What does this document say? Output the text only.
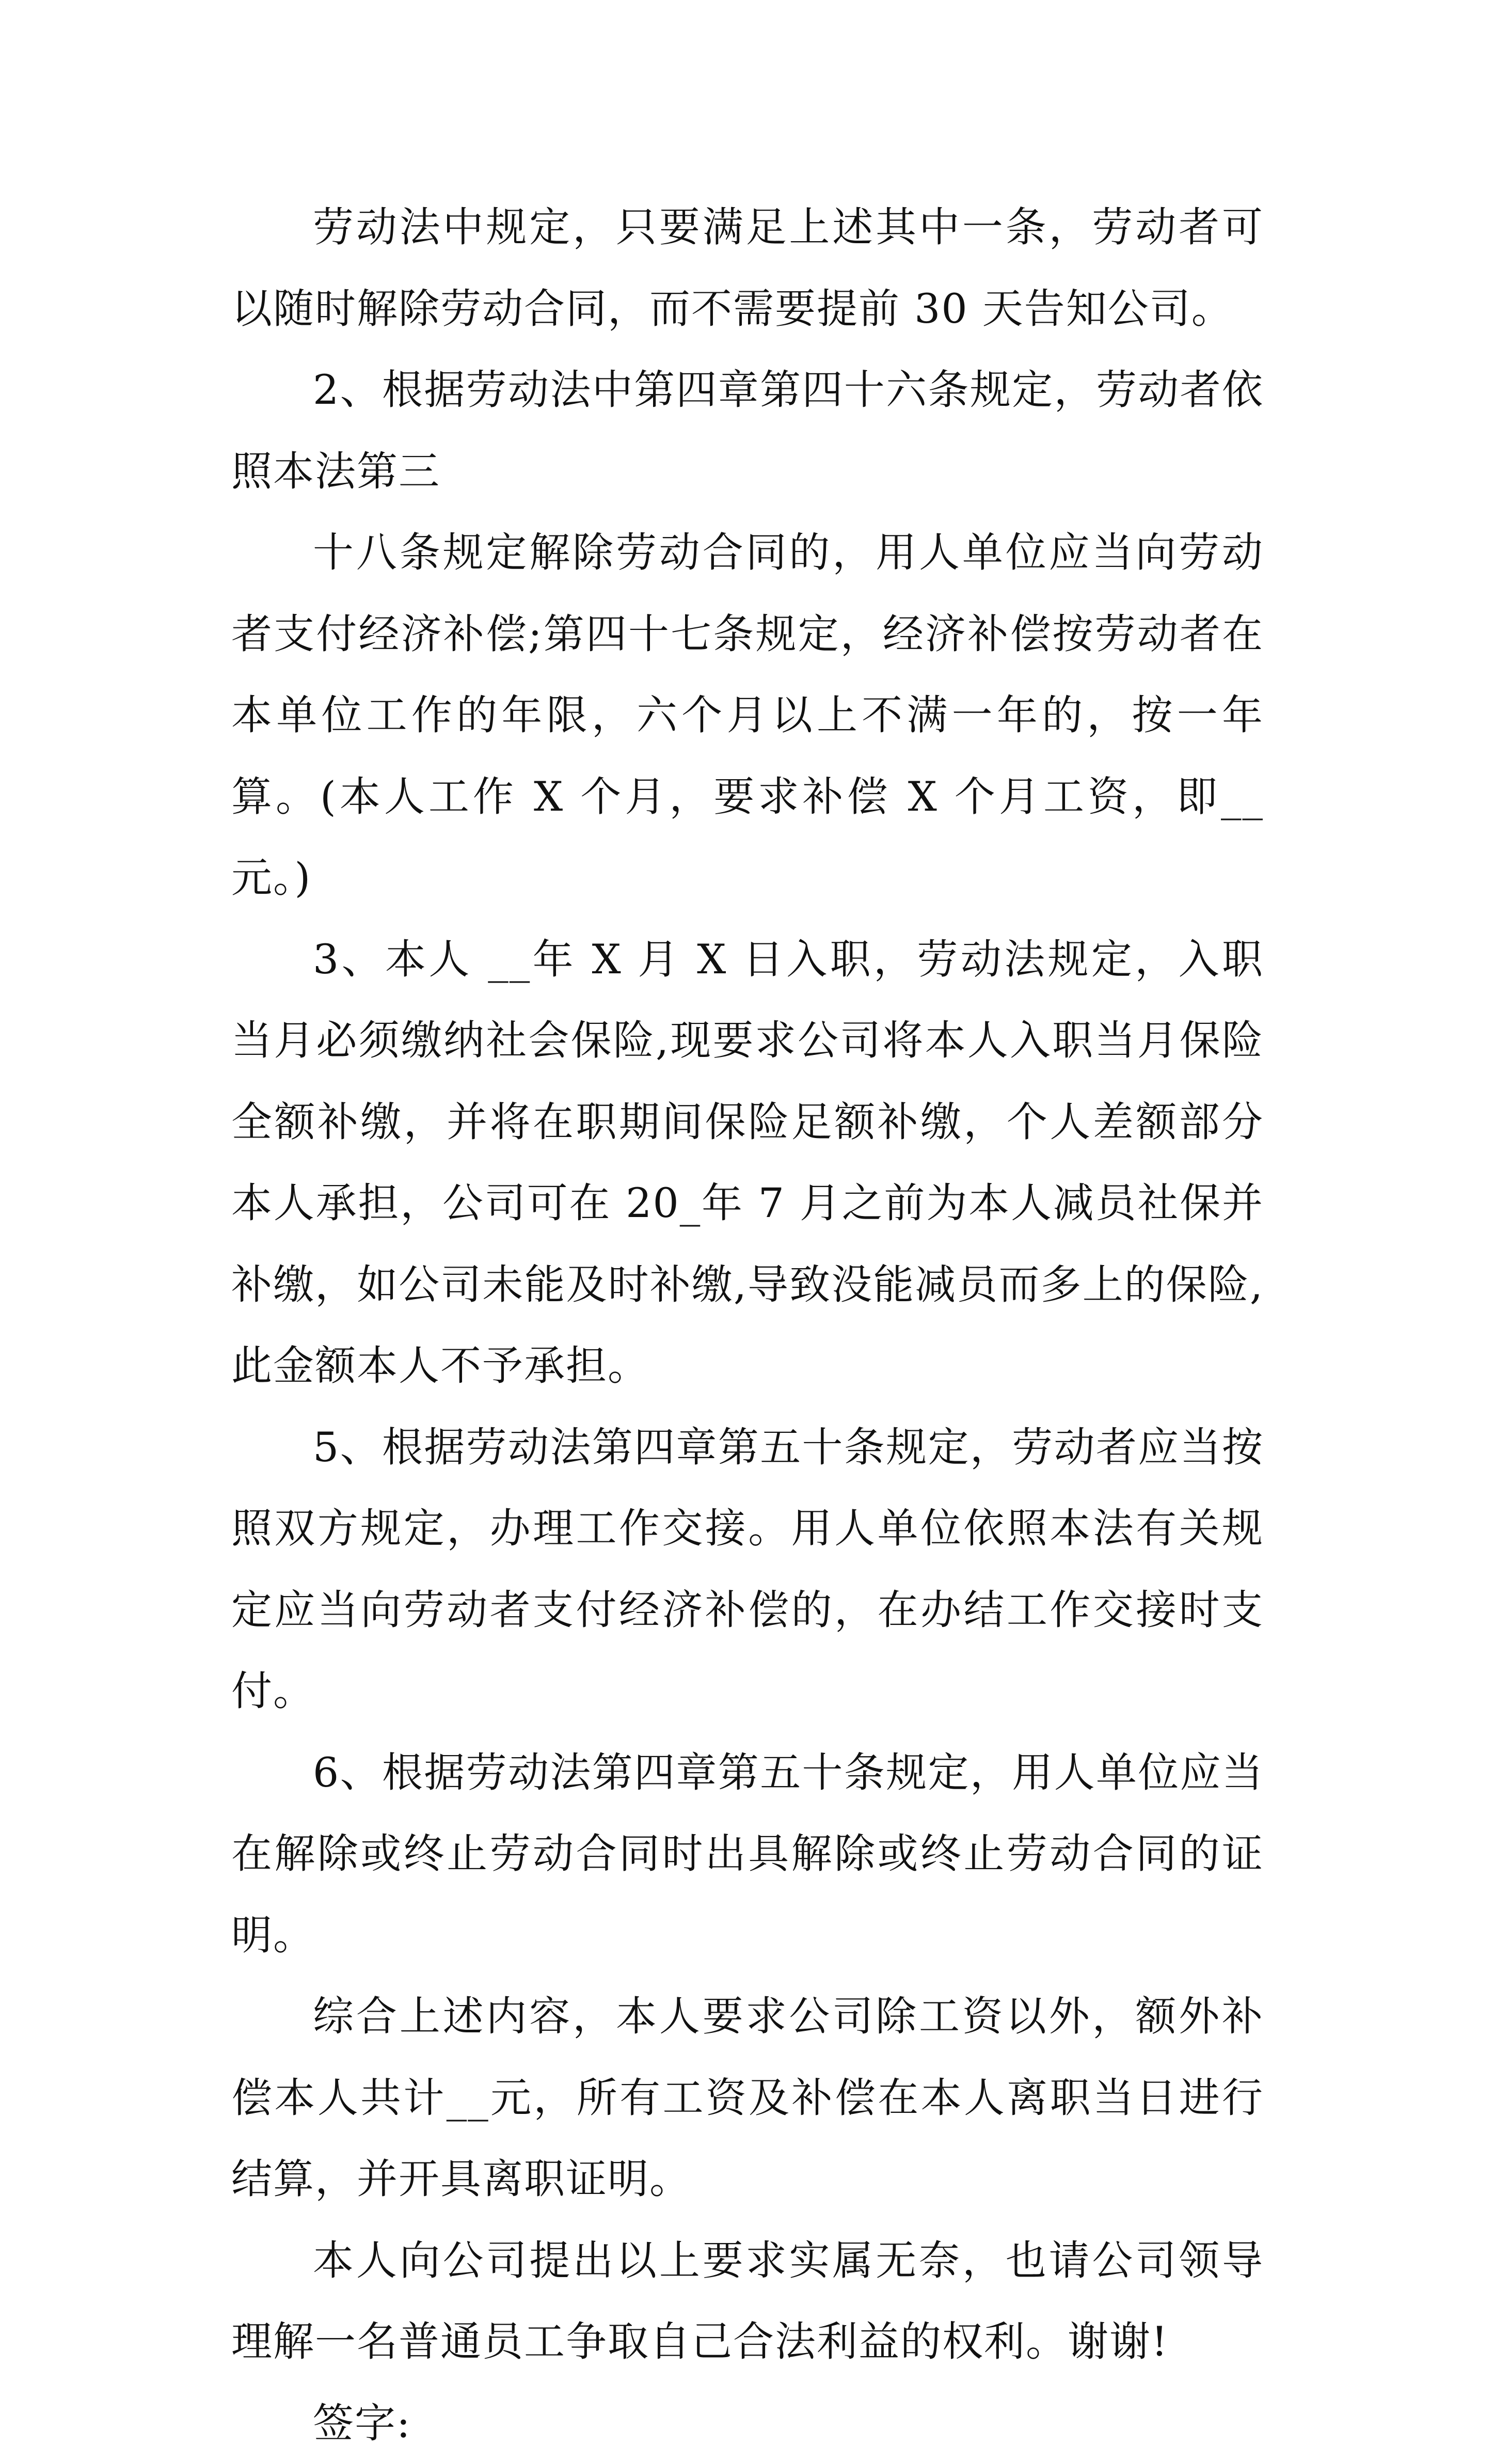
劳动法中规定，只要满足上述其中一条，劳动者可以随时解除劳动合同，而不需要提前 30 天告知公司。

2、根据劳动法中第四章第四十六条规定，劳动者依照本法第三

十八条规定解除劳动合同的，用人单位应当向劳动者支付经济补偿;第四十七条规定，经济补偿按劳动者在本单位工作的年限，六个月以上不满一年的，按一年算。(本人工作 X 个月，要求补偿 X 个月工资，即__元。)

3、本人 __年 X 月 X 日入职，劳动法规定，入职当月必须缴纳社会保险,现要求公司将本人入职当月保险全额补缴，并将在职期间保险足额补缴，个人差额部分本人承担，公司可在 20_年 7 月之前为本人减员社保并补缴，如公司未能及时补缴,导致没能减员而多上的保险,此金额本人不予承担。

5、根据劳动法第四章第五十条规定，劳动者应当按照双方规定，办理工作交接。用人单位依照本法有关规定应当向劳动者支付经济补偿的，在办结工作交接时支付。

6、根据劳动法第四章第五十条规定，用人单位应当在解除或终止劳动合同时出具解除或终止劳动合同的证明。

综合上述内容，本人要求公司除工资以外，额外补偿本人共计__元，所有工资及补偿在本人离职当日进行结算，并开具离职证明。

本人向公司提出以上要求实属无奈，也请公司领导理解一名普通员工争取自己合法利益的权利。谢谢!

签字:
